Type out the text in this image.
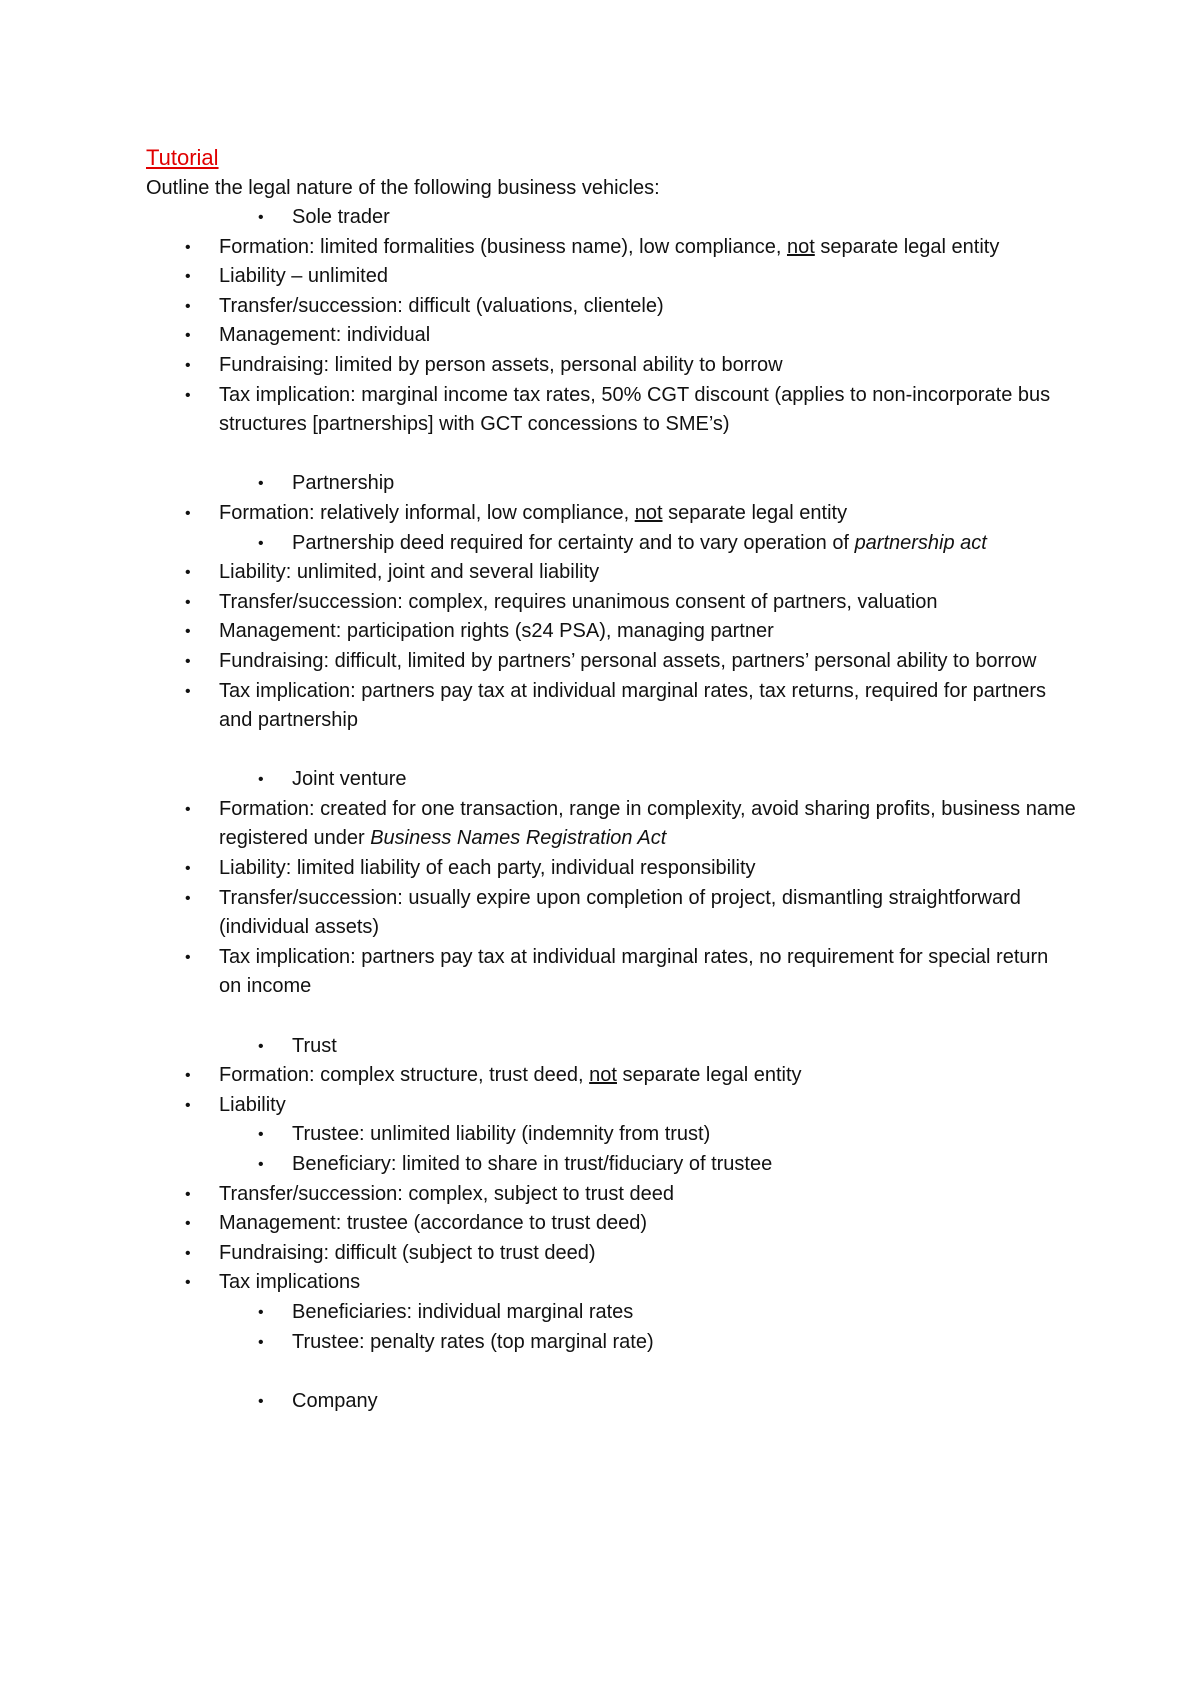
Tutorial
Outline the legal nature of the following business vehicles:
• Sole trader
• Formation: limited formalities (business name), low compliance, not separate legal entity
• Liability – unlimited
• Transfer/succession: difficult (valuations, clientele)
• Management: individual
• Fundraising: limited by person assets, personal ability to borrow
• Tax implication: marginal income tax rates, 50% CGT discount (applies to non-incorporate bus structures [partnerships] with GCT concessions to SME’s)
• Partnership
• Formation: relatively informal, low compliance, not separate legal entity
• Partnership deed required for certainty and to vary operation of partnership act
• Liability: unlimited, joint and several liability
• Transfer/succession: complex, requires unanimous consent of partners, valuation
• Management: participation rights (s24 PSA), managing partner
• Fundraising: difficult, limited by partners’ personal assets, partners’ personal ability to borrow
• Tax implication: partners pay tax at individual marginal rates, tax returns, required for partners and partnership
• Joint venture
• Formation: created for one transaction, range in complexity, avoid sharing profits, business name registered under Business Names Registration Act
• Liability: limited liability of each party, individual responsibility
• Transfer/succession: usually expire upon completion of project, dismantling straightforward (individual assets)
• Tax implication: partners pay tax at individual marginal rates, no requirement for special return on income
• Trust
• Formation: complex structure, trust deed, not separate legal entity
• Liability
• Trustee: unlimited liability (indemnity from trust)
• Beneficiary: limited to share in trust/fiduciary of trustee
• Transfer/succession: complex, subject to trust deed
• Management: trustee (accordance to trust deed)
• Fundraising: difficult (subject to trust deed)
• Tax implications
• Beneficiaries: individual marginal rates
• Trustee: penalty rates (top marginal rate)
• Company
